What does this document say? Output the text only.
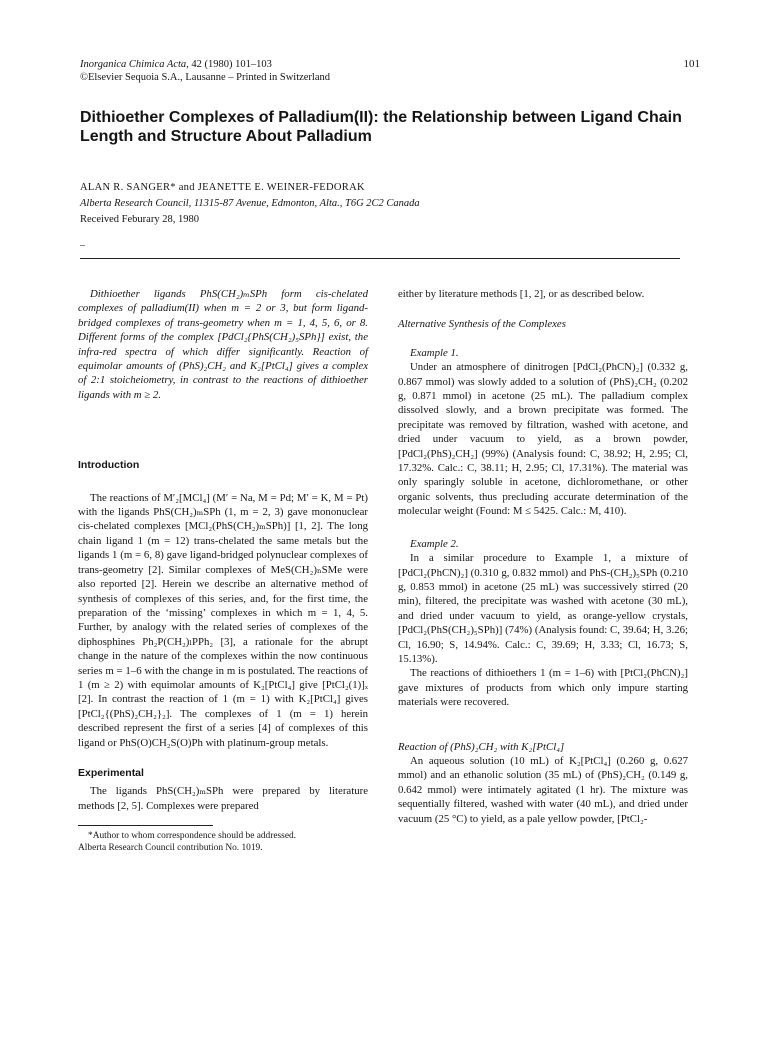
101
Inorganica Chimica Acta, 42 (1980) 101–103
©Elsevier Sequoia S.A., Lausanne – Printed in Switzerland
Dithioether Complexes of Palladium(II): the Relationship between Ligand Chain Length and Structure About Palladium
ALAN R. SANGER* and JEANETTE E. WEINER-FEDORAK
Alberta Research Council, 11315-87 Avenue, Edmonton, Alta., T6G 2C2 Canada
Received Feburary 28, 1980
–

Dithioether ligands PhS(CH₂)ₘSPh form cis-chelated complexes of palladium(II) when m = 2 or 3, but form ligand-bridged complexes of trans-geometry when m = 1, 4, 5, 6, or 8. Different forms of the complex [PdCl₂{PhS(CH₂)₅SPh}] exist, the infra-red spectra of which differ significantly. Reaction of equimolar amounts of (PhS)₂CH₂ and K₂[PtCl₄] gives a complex of 2:1 stoicheiometry, in contrast to the reactions of dithioether ligands with m ≥ 2.

Introduction

The reactions of M′₂[MCl₄] (M′ = Na, M = Pd; M′ = K, M = Pt) with the ligands PhS(CH₂)ₘSPh (1, m = 2, 3) gave mononuclear cis-chelated complexes [MCl₂(PhS(CH₂)ₘSPh)] [1, 2]. The long chain ligand 1 (m = 12) trans-chelated the same metals but the ligands 1 (m = 6, 8) gave ligand-bridged polynuclear complexes of trans-geometry [2]. Similar complexes of MeS(CH₂)ₙSMe were also reported [2]. Herein we describe an alternative method of synthesis of complexes of this series, and, for the first time, the preparation of the ‘missing’ complexes in which m = 1, 4, 5. Further, by analogy with the related series of complexes of the diphosphines Ph₂P(CH₂)ₗPPh₂ [3], a rationale for the abrupt change in the nature of the complexes within the now continuous series m = 1–6 with the change in m is postulated. The reactions of 1 (m ≥ 2) with equimolar amounts of K₂[PtCl₄] give [PtCl₂(1)]ₓ [2]. In contrast the reaction of 1 (m = 1) with K₂[PtCl₄] gives [PtCl₂{(PhS)₂CH₂}₂]. The complexes of 1 (m = 1) herein described represent the first of a series [4] of complexes of this ligand or PhS(O)CH₂S(O)Ph with platinum-group metals.

Experimental

The ligands PhS(CH₂)ₘSPh were prepared by literature methods [2, 5]. Complexes were prepared

*Author to whom correspondence should be addressed.
Alberta Research Council contribution No. 1019.

either by literature methods [1, 2], or as described below.

Alternative Synthesis of the Complexes

Example 1.

Under an atmosphere of dinitrogen [PdCl₂(PhCN)₂] (0.332 g, 0.867 mmol) was slowly added to a solution of (PhS)₂CH₂ (0.202 g, 0.871 mmol) in acetone (25 mL). The palladium complex dissolved slowly, and a brown precipitate was formed. The precipitate was removed by filtration, washed with acetone, and dried under vacuum to yield, as a brown powder, [PdCl₂(PhS)₂CH₂] (99%) (Analysis found: C, 38.92; H, 2.95; Cl, 17.32%. Calc.: C, 38.11; H, 2.95; Cl, 17.31%). The material was only sparingly soluble in acetone, dichloromethane, or other organic solvents, thus precluding accurate determination of the molecular weight (Found: M ≤ 5425. Calc.: M, 410).

Example 2.

In a similar procedure to Example 1, a mixture of [PdCl₂(PhCN)₂] (0.310 g, 0.832 mmol) and PhS-(CH₂)₅SPh (0.210 g, 0.853 mmol) in acetone (25 mL) was successively stirred (20 min), filtered, the precipitate was washed with acetone (30 mL), and dried under vacuum to yield, as orange-yellow crystals, [PdCl₂(PhS(CH₂)₅SPh)] (74%) (Analysis found: C, 39.64; H, 3.26; Cl, 16.90; S, 14.94%. Calc.: C, 39.69; H, 3.33; Cl, 16.73; S, 15.13%).

The reactions of dithioethers 1 (m = 1–6) with [PtCl₂(PhCN)₂] gave mixtures of products from which only impure starting materials were recovered.

Reaction of (PhS)₂CH₂ with K₂[PtCl₄]

An aqueous solution (10 mL) of K₂[PtCl₄] (0.260 g, 0.627 mmol) and an ethanolic solution (35 mL) of (PhS)₂CH₂ (0.149 g, 0.642 mmol) were intimately agitated (1 hr). The mixture was sequentially filtered, washed with water (40 mL), and dried under vacuum (25 °C) to yield, as a pale yellow powder, [PtCl₂-
